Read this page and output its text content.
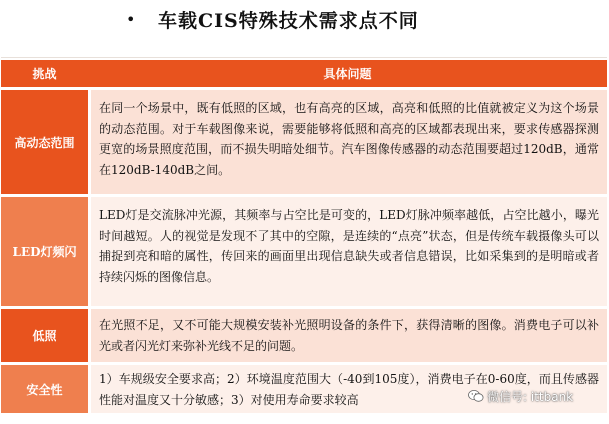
• 车载CIS特殊技术需求点不同
挑战	具体问题
高动态范围
在同一个场景中，既有低照的区域，也有高亮的区域，高亮和低照的比值就被定义为这个场景的动态范围。对于车载图像来说，需要能够将低照和高亮的区域都表现出来，要求传感器探测更宽的场景照度范围，而不损失明暗处细节。汽车图像传感器的动态范围要超过120dB，通常在120dB-140dB之间。
LED灯频闪
LED灯是交流脉冲光源，其频率与占空比是可变的，LED灯脉冲频率越低，占空比越小，曝光时间越短。人的视觉是发现不了其中的空隙，是连续的“点亮”状态，但是传统车载摄像头可以捕捉到亮和暗的属性，传回来的画面里出现信息缺失或者信息错误，比如采集到的是明暗或者持续闪烁的图像信息。
低照
在光照不足，又不可能大规模安装补光照明设备的条件下，获得清晰的图像。消费电子可以补光或者闪光灯来弥补光线不足的问题。
安全性
1）车规级安全要求高；2）环境温度范围大（-40到105度），消费电子在0-60度，而且传感器性能对温度又十分敏感；3）对使用寿命要求较高	微信号: ittbank
